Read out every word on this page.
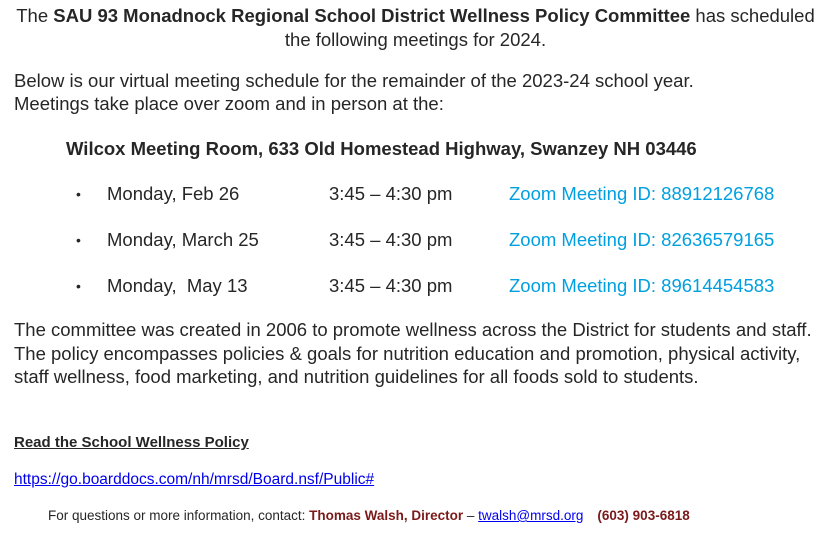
The SAU 93 Monadnock Regional School District Wellness Policy Committee has scheduled the following meetings for 2024.
Below is our virtual meeting schedule for the remainder of the 2023-24 school year. Meetings take place over zoom and in person at the:
Wilcox Meeting Room, 633 Old Homestead Highway, Swanzey NH 03446
• Monday, Feb 26	3:45 – 4:30 pm	Zoom Meeting ID: 88912126768
• Monday, March 25	3:45 – 4:30 pm	Zoom Meeting ID: 82636579165
• Monday,  May 13	3:45 – 4:30 pm	Zoom Meeting ID: 89614454583
The committee was created in 2006 to promote wellness across the District for students and staff. The policy encompasses policies & goals for nutrition education and promotion, physical activity, staff wellness, food marketing, and nutrition guidelines for all foods sold to students.
Read the School Wellness Policy
https://go.boarddocs.com/nh/mrsd/Board.nsf/Public#
For questions or more information, contact: Thomas Walsh, Director – twalsh@mrsd.org (603) 903-6818
